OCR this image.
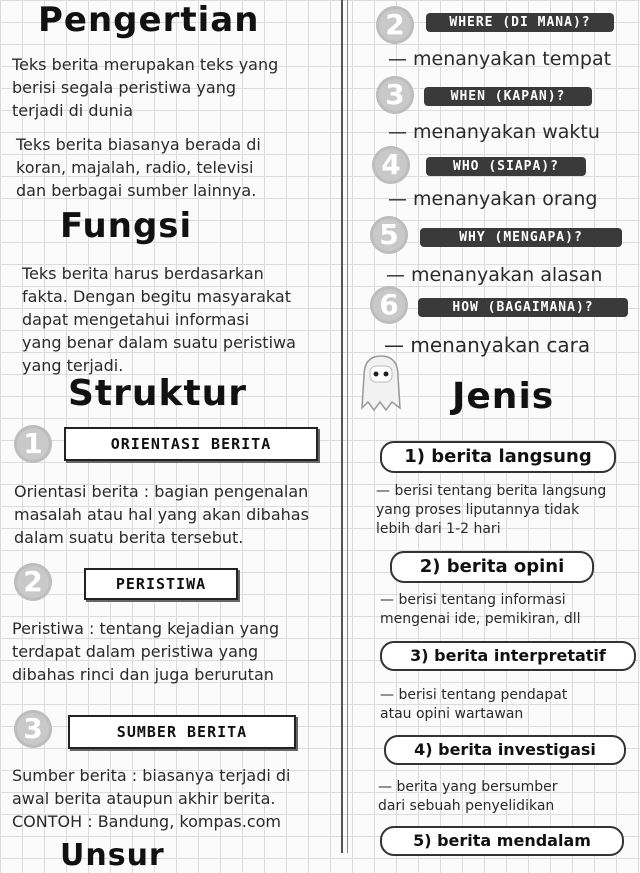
Pengertian
Teks berita merupakan teks yang
berisi segala peristiwa yang
terjadi di dunia
Teks berita biasanya berada di
koran, majalah, radio, televisi
dan berbagai sumber lainnya.
Fungsi
Teks berita harus berdasarkan
fakta. Dengan begitu masyarakat
dapat mengetahui informasi
yang benar dalam suatu peristiwa
yang terjadi.
Struktur
1	ORIENTASI BERITA
Orientasi berita : bagian pengenalan
masalah atau hal yang akan dibahas
dalam suatu berita tersebut.
2	PERISTIWA
Peristiwa : tentang kejadian yang
terdapat dalam peristiwa yang
dibahas rinci dan juga berurutan
3	SUMBER BERITA
Sumber berita : biasanya terjadi di
awal berita ataupun akhir berita.
CONTOH : Bandung, kompas.com
Unsur
2	WHERE (DI MANA)?
— menanyakan tempat
3	WHEN (KAPAN)?
— menanyakan waktu
4	WHO (SIAPA)?
— menanyakan orang
5	WHY (MENGAPA)?
— menanyakan alasan
6	HOW (BAGAIMANA)?
— menanyakan cara
Jenis
1) berita langsung
— berisi tentang berita langsung
yang proses liputannya tidak
lebih dari 1-2 hari
2) berita opini
— berisi tentang informasi
mengenai ide, pemikiran, dll
3) berita interpretatif
— berisi tentang pendapat
atau opini wartawan
4) berita investigasi
— berita yang bersumber
dari sebuah penyelidikan
5) berita mendalam
